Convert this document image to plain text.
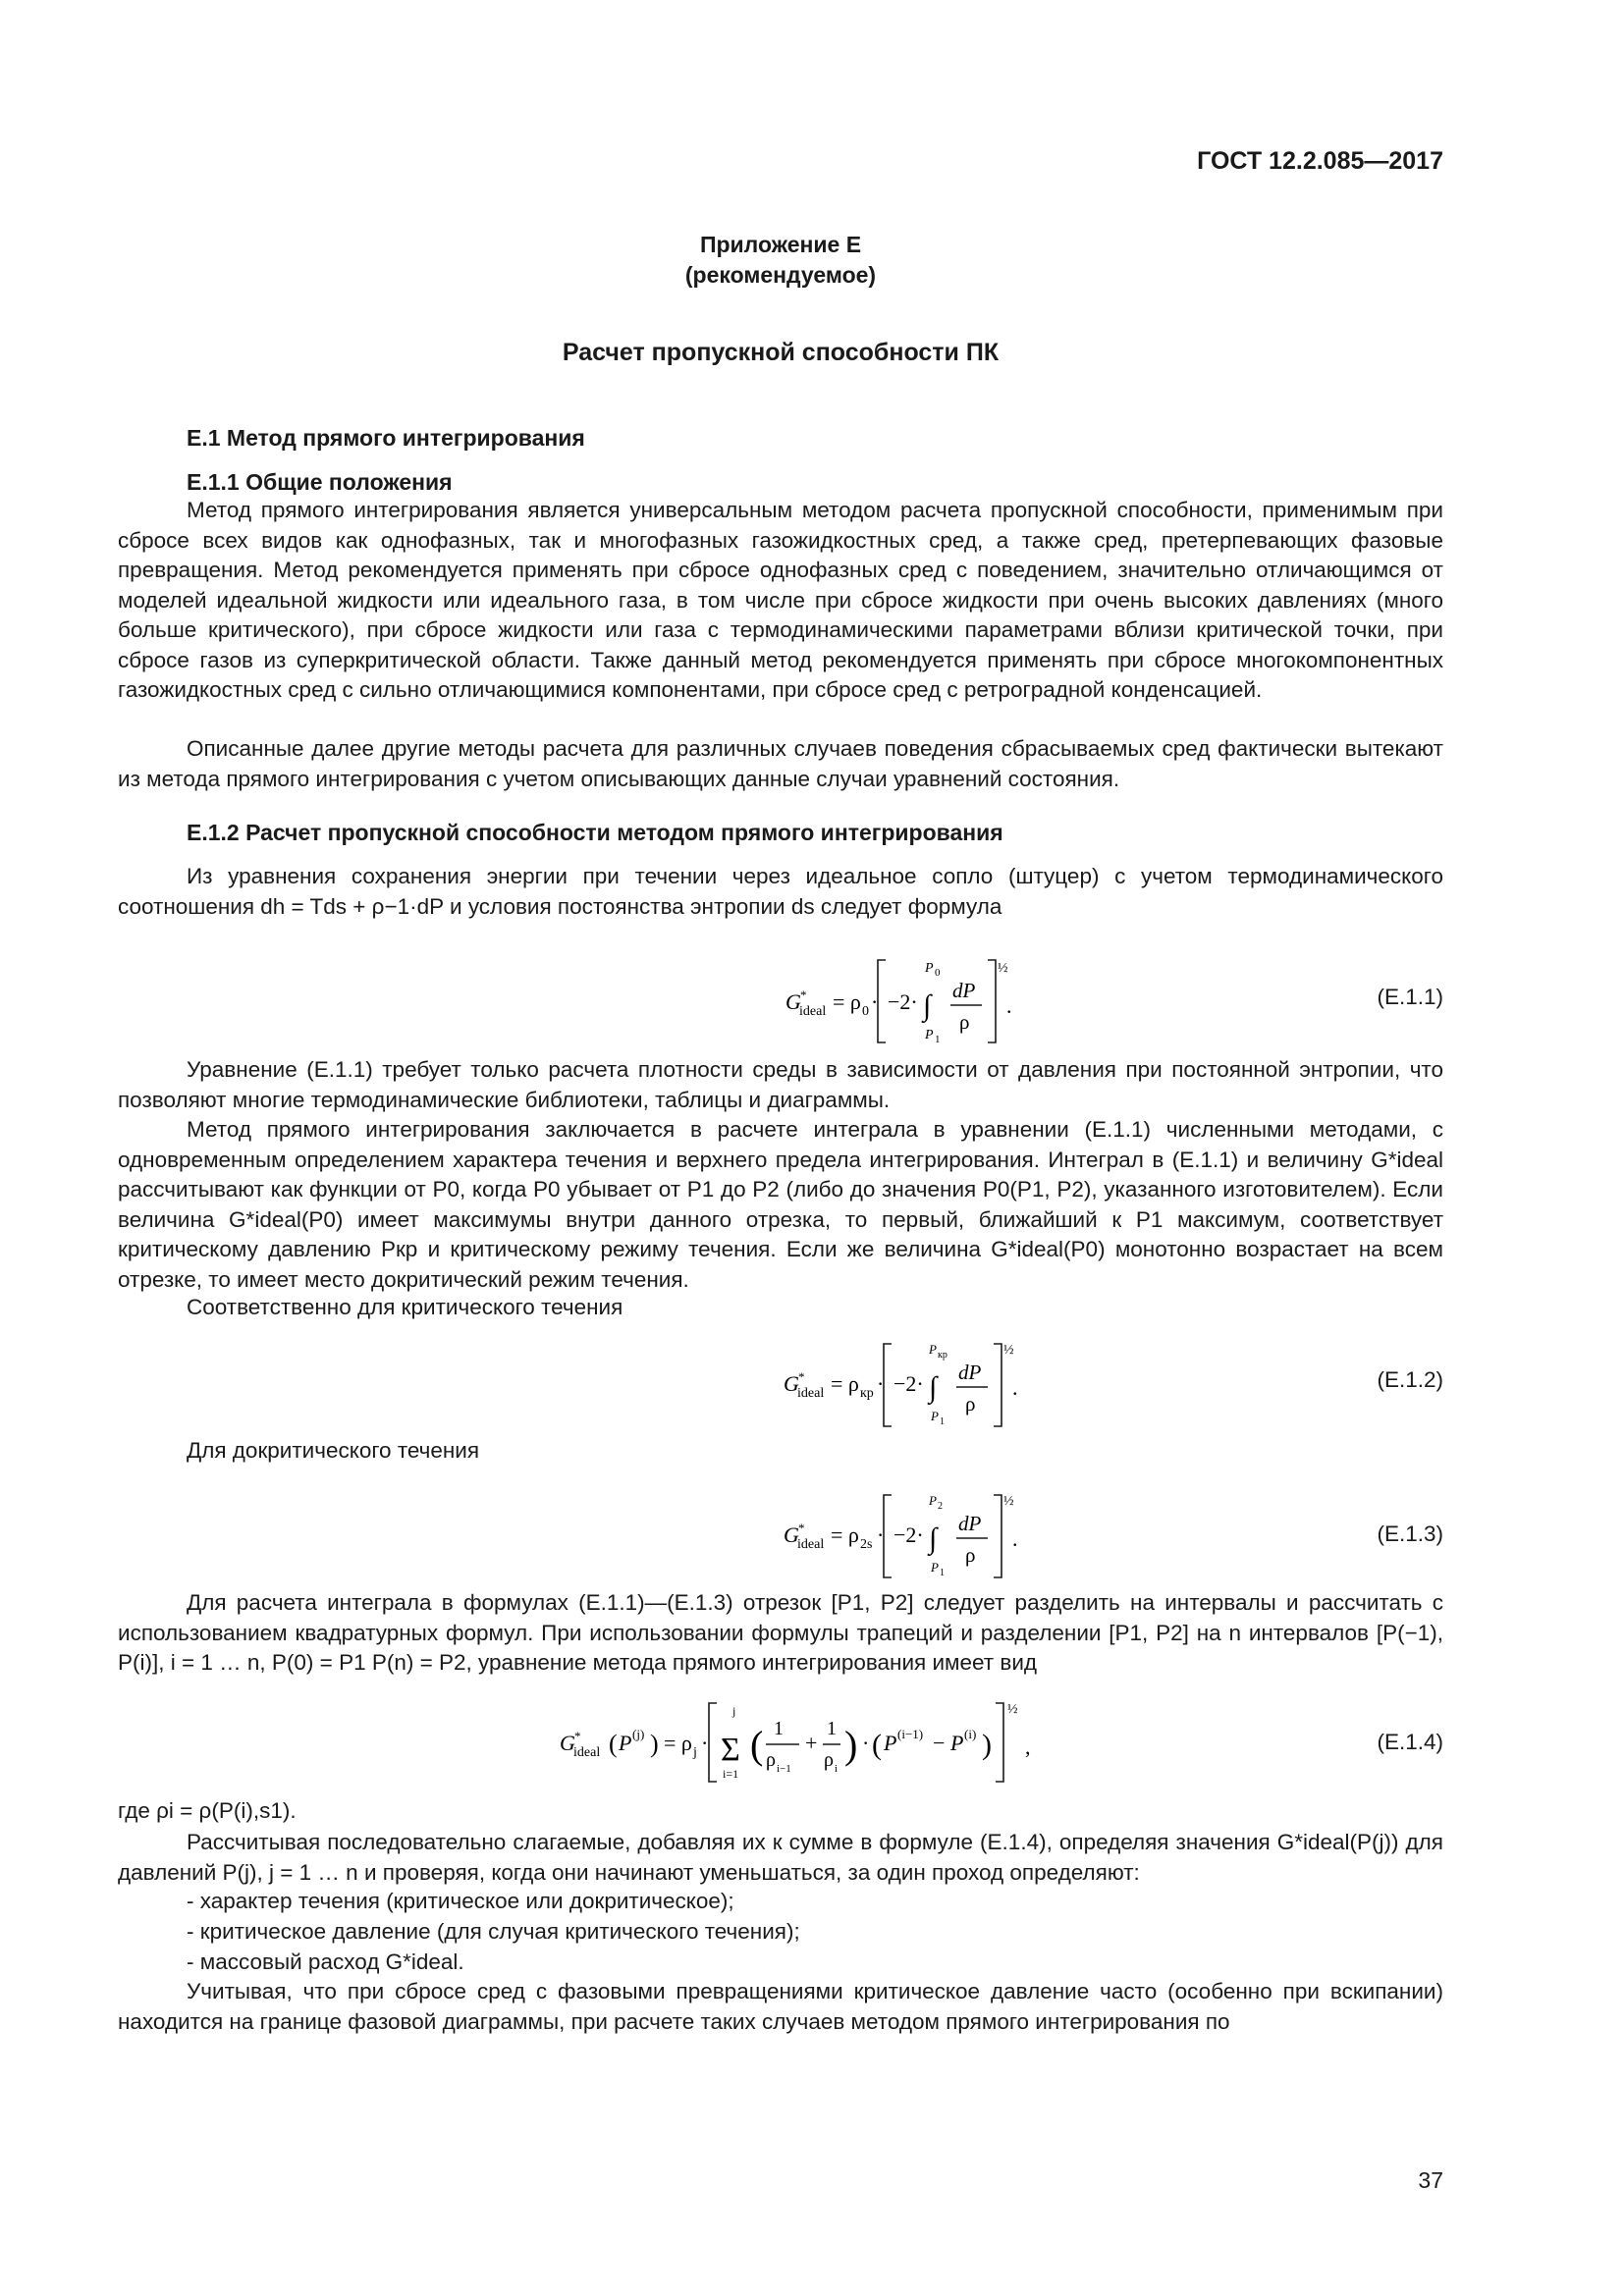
ГОСТ 12.2.085—2017
Приложение Е
(рекомендуемое)
Расчет пропускной способности ПК
Е.1 Метод прямого интегрирования
Е.1.1 Общие положения

Метод прямого интегрирования является универсальным методом расчета пропускной способности, применимым при сбросе всех видов как однофазных, так и многофазных газожидкостных сред, а также сред, претерпевающих фазовые превращения. Метод рекомендуется применять при сбросе однофазных сред с поведением, значительно отличающимся от моделей идеальной жидкости или идеального газа, в том числе при сбросе жидкости при очень высоких давлениях (много больше критического), при сбросе жидкости или газа с термодинамическими параметрами вблизи критической точки, при сбросе газов из суперкритической области. Также данный метод рекомендуется применять при сбросе многокомпонентных газожидкостных сред с сильно отличающимися компонентами, при сбросе сред с ретроградной конденсацией.

Описанные далее другие методы расчета для различных случаев поведения сбрасываемых сред фактически вытекают из метода прямого интегрирования с учетом описывающих данные случаи уравнений состояния.

Е.1.2 Расчет пропускной способности методом прямого интегрирования

Из уравнения сохранения энергии при течении через идеальное сопло (штуцер) с учетом термодинамического соотношения dh = Tds + ρ−1·dP и условия постоянства энтропии ds следует формула

G *
ideal = ρ 0 · −2· ∫
P 0
P 1
dP
ρ
½
.	(Е.1.1)

Уравнение (Е.1.1) требует только расчета плотности среды в зависимости от давления при постоянной энтропии, что позволяют многие термодинамические библиотеки, таблицы и диаграммы.

Метод прямого интегрирования заключается в расчете интеграла в уравнении (Е.1.1) численными методами, с одновременным определением характера течения и верхнего предела интегрирования. Интеграл в (Е.1.1) и величину G*ideal рассчитывают как функции от P0, когда P0 убывает от P1 до P2 (либо до значения P0(P1, P2), указанного изготовителем). Если величина G*ideal(P0) имеет максимумы внутри данного отрезка, то первый, ближайший к P1 максимум, соответствует критическому давлению Pкр и критическому режиму течения. Если же величина G*ideal(P0) монотонно возрастает на всем отрезке, то имеет место докритический режим течения.

Соответственно для критического течения
G *
ideal = ρ кр · −2· ∫
P кр
P 1
dP
ρ
½
.	(Е.1.2)
Для докритического течения
G *
ideal = ρ 2s · −2· ∫
P 2
P 1
dP
ρ
½
.	(Е.1.3)

Для расчета интеграла в формулах (Е.1.1)—(Е.1.3) отрезок [P1, P2] следует разделить на интервалы и рассчитать с использованием квадратурных формул. При использовании формулы трапеций и разделении [P1, P2] на n интервалов [P(−1), P(i)], i = 1 … n, P(0) = P1 P(n) = P2, уравнение метода прямого интегрирования имеет вид

G *
ideal ( P (j) ) = ρ j · Σ
j
i=1
( 1
ρ i−1
+
1
ρ i
) · ( P (i−1) − P (i) )
½
,	(Е.1.4)
где ρi = ρ(P(i),s1).

Рассчитывая последовательно слагаемые, добавляя их к сумме в формуле (Е.1.4), определяя значения G*ideal(P(j)) для давлений P(j), j = 1 … n и проверяя, когда они начинают уменьшаться, за один проход определяют:

- характер течения (критическое или докритическое);
- критическое давление (для случая критического течения);
- массовый расход G*ideal.

Учитывая, что при сбросе сред с фазовыми превращениями критическое давление часто (особенно при вскипании) находится на границе фазовой диаграммы, при расчете таких случаев методом прямого интегрирования по

37
